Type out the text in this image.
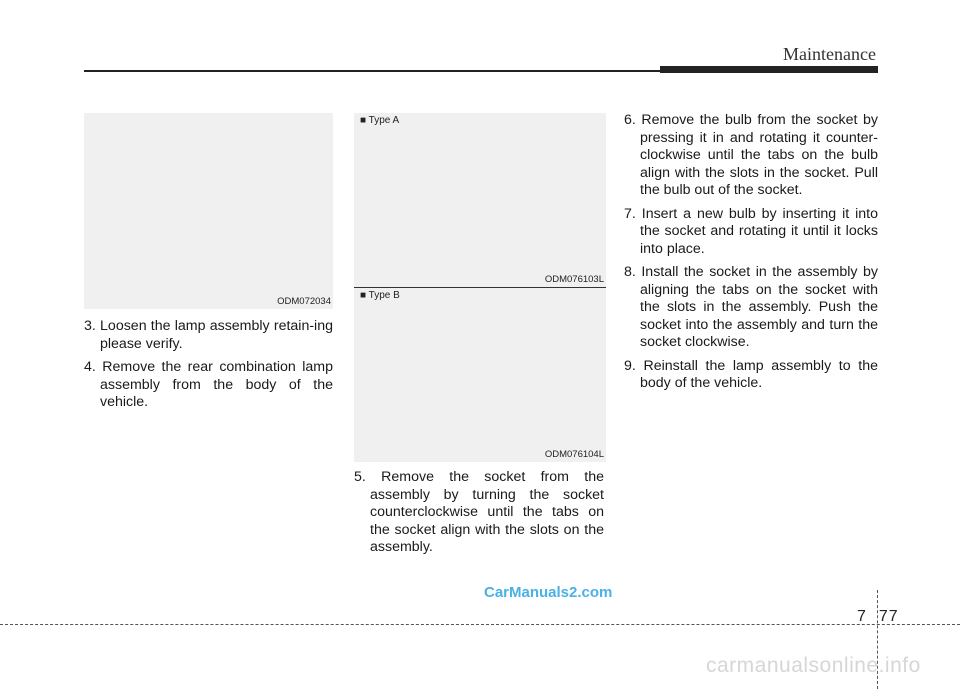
Maintenance
ODM072034
■ Type A
ODM076103L
■ Type B
ODM076104L
3. Loosen the lamp assembly retain-ing please verify.
4. Remove the rear combination lamp assembly from the body of the vehicle.
5. Remove the socket from the assembly by turning the socket counterclockwise until the tabs on the socket align with the slots on the assembly.
6. Remove the bulb from the socket by pressing it in and rotating it counter-clockwise until the tabs on the bulb align with the slots in the socket. Pull the bulb out of the socket.
7. Insert a new bulb by inserting it into the socket and rotating it until it locks into place.
8. Install the socket in the assembly by aligning the tabs on the socket with the slots in the assembly. Push the socket into the assembly and turn the socket clockwise.
9. Reinstall the lamp assembly to the body of the vehicle.
CarManuals2.com
7 77
carmanualsonline.info
